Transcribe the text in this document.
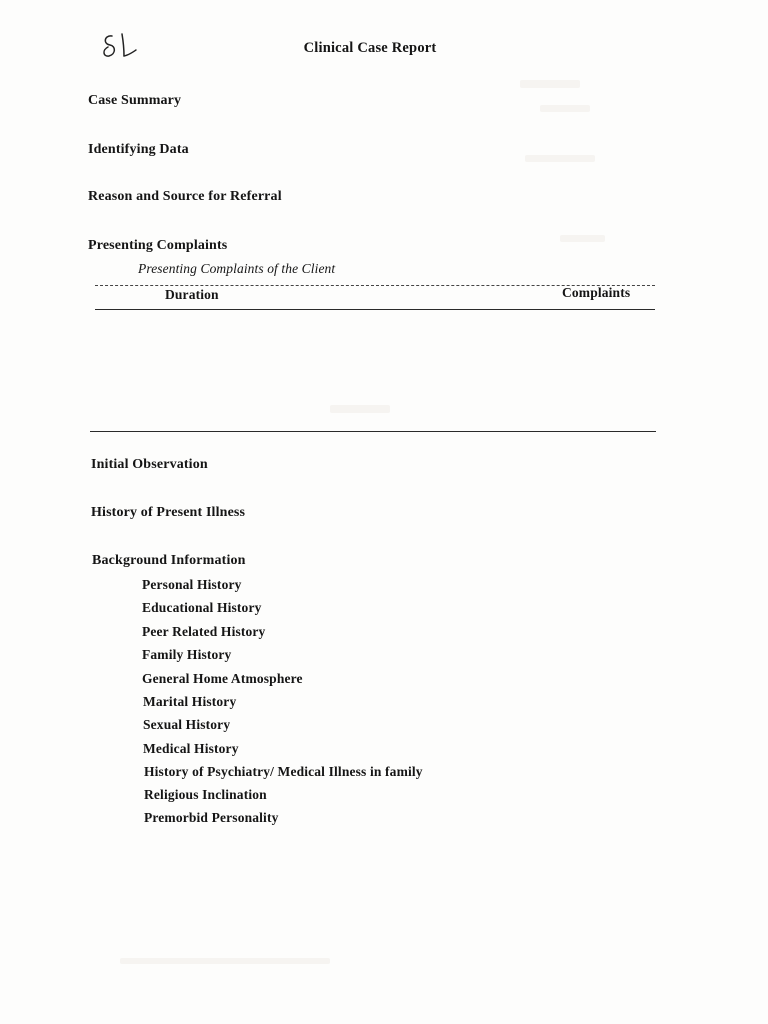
Clinical Case Report
Case Summary
Identifying Data
Reason and Source for Referral
Presenting Complaints
Presenting Complaints of the Client
Duration	Complaints
Initial Observation
History of Present Illness
Background Information
Personal History
Educational History
Peer Related History
Family History
General Home Atmosphere
Marital History
Sexual History
Medical History
History of Psychiatry/ Medical Illness in family
Religious Inclination
Premorbid Personality
